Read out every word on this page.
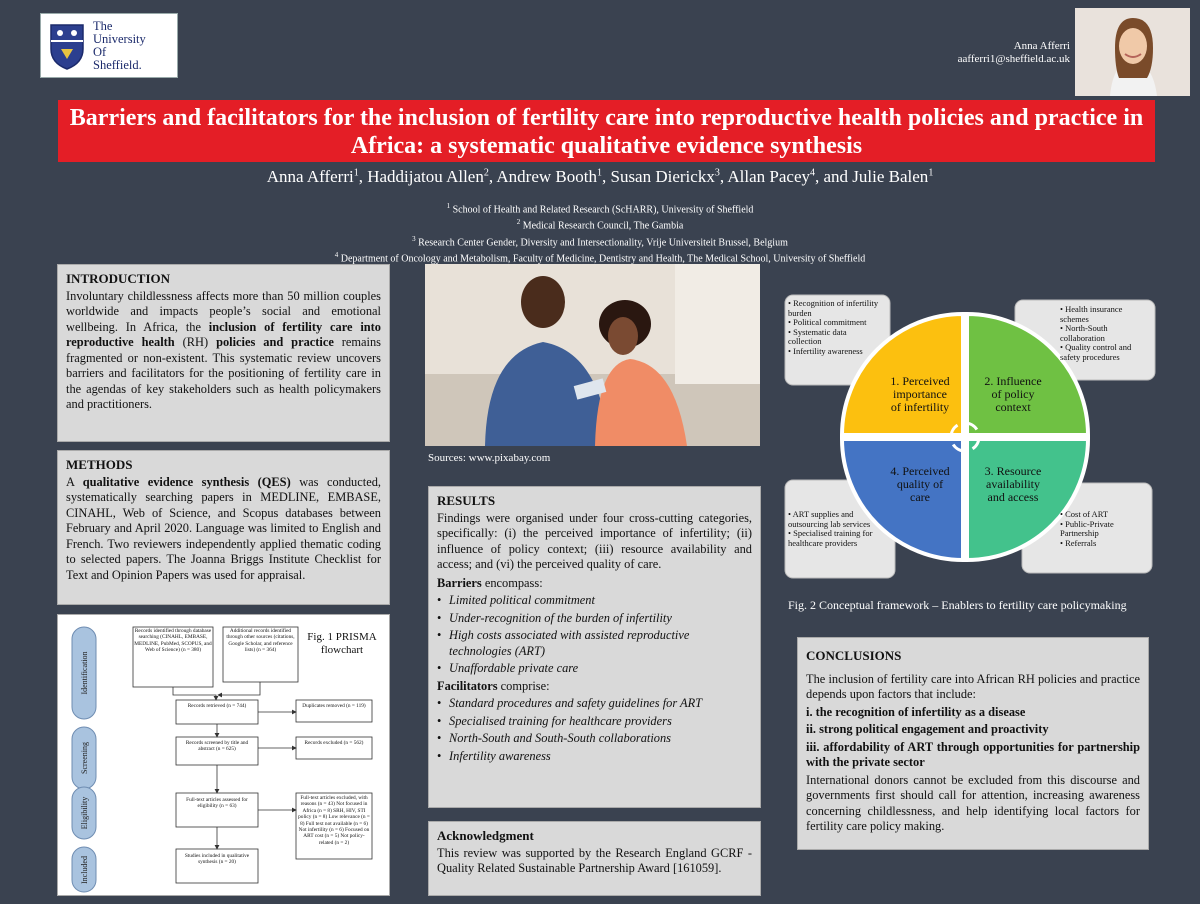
The
University
Of
Sheffield.
Anna Afferri
aafferri1@sheffield.ac.uk
Barriers and facilitators for the inclusion of fertility care into reproductive health policies and practice in Africa: a systematic qualitative evidence synthesis
Anna Afferri$^1$, Haddijatou Allen$^2$, Andrew Booth$^1$, Susan Dierickx$^3$, Allan Pacey$^4$, and Julie Balen$^1$
$^1$ School of Health and Related Research (ScHARR), University of Sheffield
$^2$ Medical Research Council, The Gambia
$^3$ Research Center Gender, Diversity and Intersectionality, Vrije Universiteit Brussel, Belgium
$^4$ Department of Oncology and Metabolism, Faculty of Medicine, Dentistry and Health, The Medical School, University of Sheffield
INTRODUCTION

Involuntary childlessness affects more than 50 million couples worldwide and impacts people’s social and emotional wellbeing. In Africa, the inclusion of fertility care into reproductive health (RH) policies and practice remains fragmented or non-existent. This systematic review uncovers barriers and facilitators for the positioning of fertility care in the agendas of key stakeholders such as health policymakers and practitioners.

METHODS

A qualitative evidence synthesis (QES) was conducted, systematically searching papers in MEDLINE, EMBASE, CINAHL, Web of Science, and Scopus databases between February and April 2020. Language was limited to English and French. Two reviewers independently applied thematic coding to selected papers. The Joanna Briggs Institute Checklist for Text and Opinion Papers was used for appraisal.

Identification
Screening
Eligibility
Included
Records identified through database searching (CINAHL, EMBASE, MEDLINE, PubMed, SCOPUS, and Web of Science) (n = 380)
Additional records identified through other sources (citations, Google Scholar, and reference lists) (n = 364)
Records retrieved (n = 744)	Duplicates removed (n = 119)
Records screened by title and abstract (n = 625)
Records excluded (n = 562)
Full-text articles assessed for eligibility (n = 63)
Full-text articles excluded, with reasons (n = 43) Not focused in Africa (n = 8) SRH, HIV, STI policy (n = 8) Low relevance (n = 8) Full text not available (n = 6) Not infertility (n = 6) Focused on ART cost (n = 5) Not policy-related (n = 2)
Studies included in qualitative synthesis (n = 20)
Fig. 1 PRISMA flowchart
Sources: www.pixabay.com
RESULTS

Findings were organised under four cross-cutting categories, specifically: (i) the perceived importance of infertility; (ii) influence of policy context; (iii) resource availability and access; and (vi) the perceived quality of care.

Barriers encompass:

• Limited political commitment
• Under-recognition of the burden of infertility
• High costs associated with assisted reproductive technologies (ART)
• Unaffordable private care

Facilitators comprise:

• Standard procedures and safety guidelines for ART
• Specialised training for healthcare providers
• North-South and South-South collaborations
• Infertility awareness
Acknowledgment

This review was supported by the Research England GCRF - Quality Related Sustainable Partnership Award [161059].

1. Perceived
importance
of infertility
2. Influence
of policy
context
3. Resource
availability
and access
4. Perceived
quality of
care
• Recognition of infertility burden
• Political commitment
• Systematic data collection
• Infertility awareness
• Health insurance schemes
• North-South collaboration
• Quality control and safety procedures
• ART supplies and outsourcing lab services
• Specialised training for healthcare providers
• Cost of ART
• Public-Private Partnership
• Referrals
Fig. 2 Conceptual framework – Enablers to fertility care policymaking
CONCLUSIONS

The inclusion of fertility care into African RH policies and practice depends upon factors that include:

i. the recognition of infertility as a disease

ii. strong political engagement and proactivity

iii. affordability of ART through opportunities for partnership with the private sector

International donors cannot be excluded from this discourse and governments first should call for attention, increasing awareness concerning childlessness, and help identifying local factors for fertility care policy making.
